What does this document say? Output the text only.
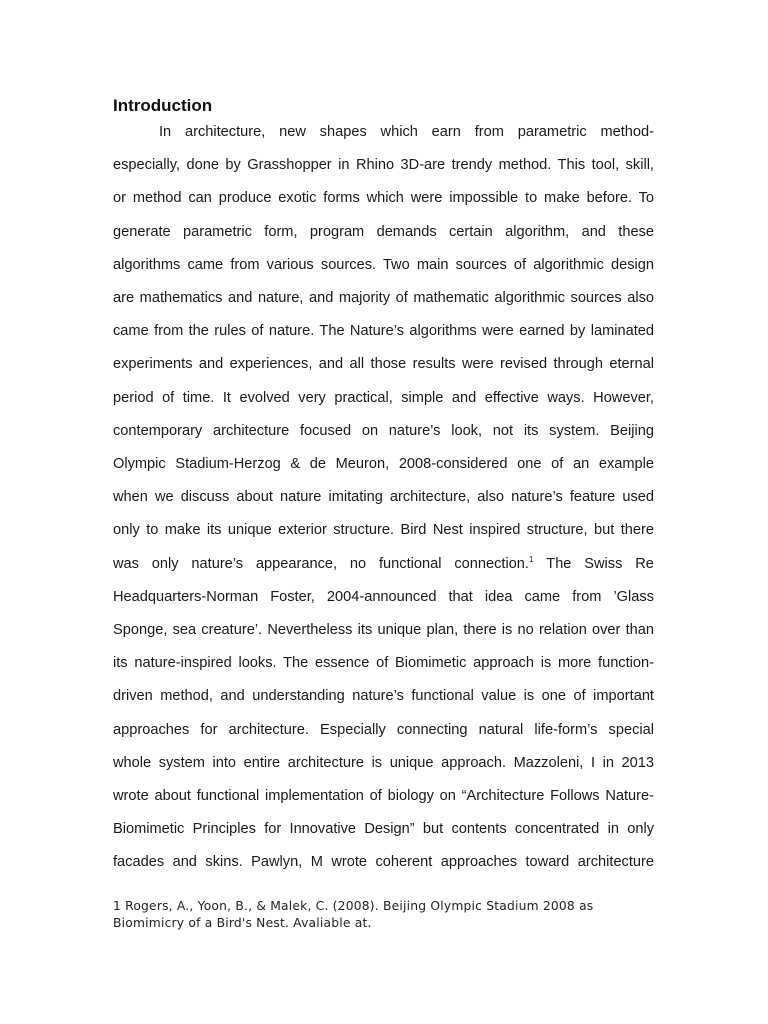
Introduction
In architecture, new shapes which earn from parametric method-
especially, done by Grasshopper in Rhino 3D-are trendy method. This tool, skill,
or method can produce exotic forms which were impossible to make before. To
generate parametric form, program demands certain algorithm, and these
algorithms came from various sources. Two main sources of algorithmic design
are mathematics and nature, and majority of mathematic algorithmic sources also
came from the rules of nature. The Nature’s algorithms were earned by laminated
experiments and experiences, and all those results were revised through eternal
period of time. It evolved very practical, simple and effective ways. However,
contemporary architecture focused on nature’s look, not its system. Beijing
Olympic Stadium-Herzog & de Meuron, 2008-considered one of an example
when we discuss about nature imitating architecture, also nature’s feature used
only to make its unique exterior structure. Bird Nest inspired structure, but there
was only nature’s appearance, no functional connection.$^1$ The Swiss Re
Headquarters-Norman Foster, 2004-announced that idea came from ’Glass
Sponge, sea creature’. Nevertheless its unique plan, there is no relation over than
its nature-inspired looks. The essence of Biomimetic approach is more function-
driven method, and understanding nature’s functional value is one of important
approaches for architecture. Especially connecting natural life-form’s special
whole system into entire architecture is unique approach. Mazzoleni, I in 2013
wrote about functional implementation of biology on “Architecture Follows Nature-
Biomimetic Principles for Innovative Design” but contents concentrated in only
facades and skins. Pawlyn, M wrote coherent approaches toward architecture
1 Rogers, A., Yoon, B., & Malek, C. (2008). Beijing Olympic Stadium 2008 as
Biomimicry of a Bird's Nest. Avaliable at.
